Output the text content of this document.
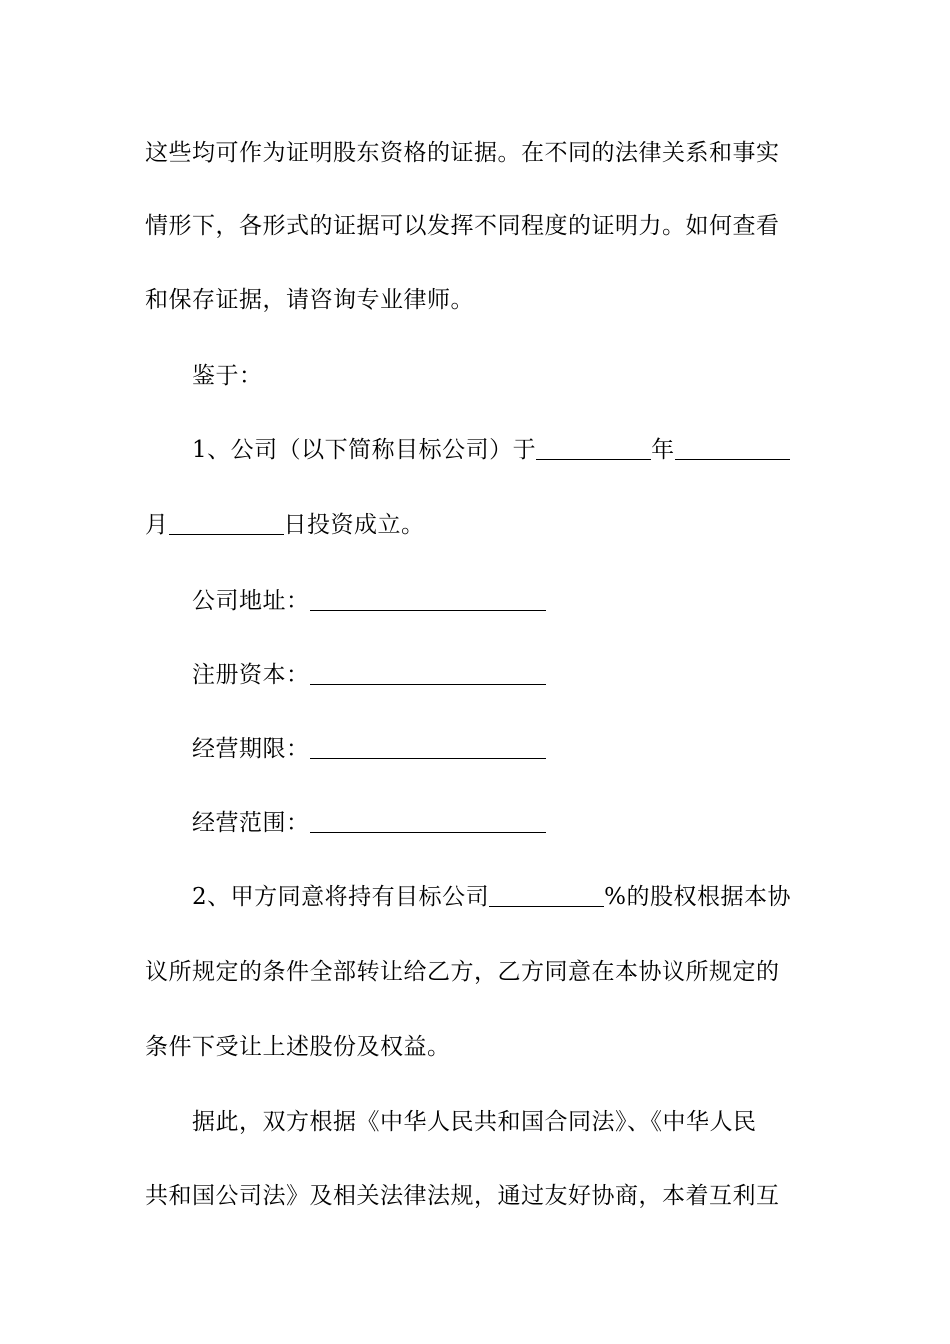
这些均可作为证明股东资格的证据。在不同的法律关系和事实
情形下，各形式的证据可以发挥不同程度的证明力。如何查看
和保存证据，请咨询专业律师。
鉴于：
1、公司（以下简称目标公司）于	年
月	日投资成立。
公司地址：
注册资本：
经营期限：
经营范围：
2、甲方同意将持有目标公司	%的股权根据本协
议所规定的条件全部转让给乙方，乙方同意在本协议所规定的
条件下受让上述股份及权益。
据此，双方根据《中华人民共和国合同法》、《中华人民
共和国公司法》及相关法律法规，通过友好协商，本着互利互
